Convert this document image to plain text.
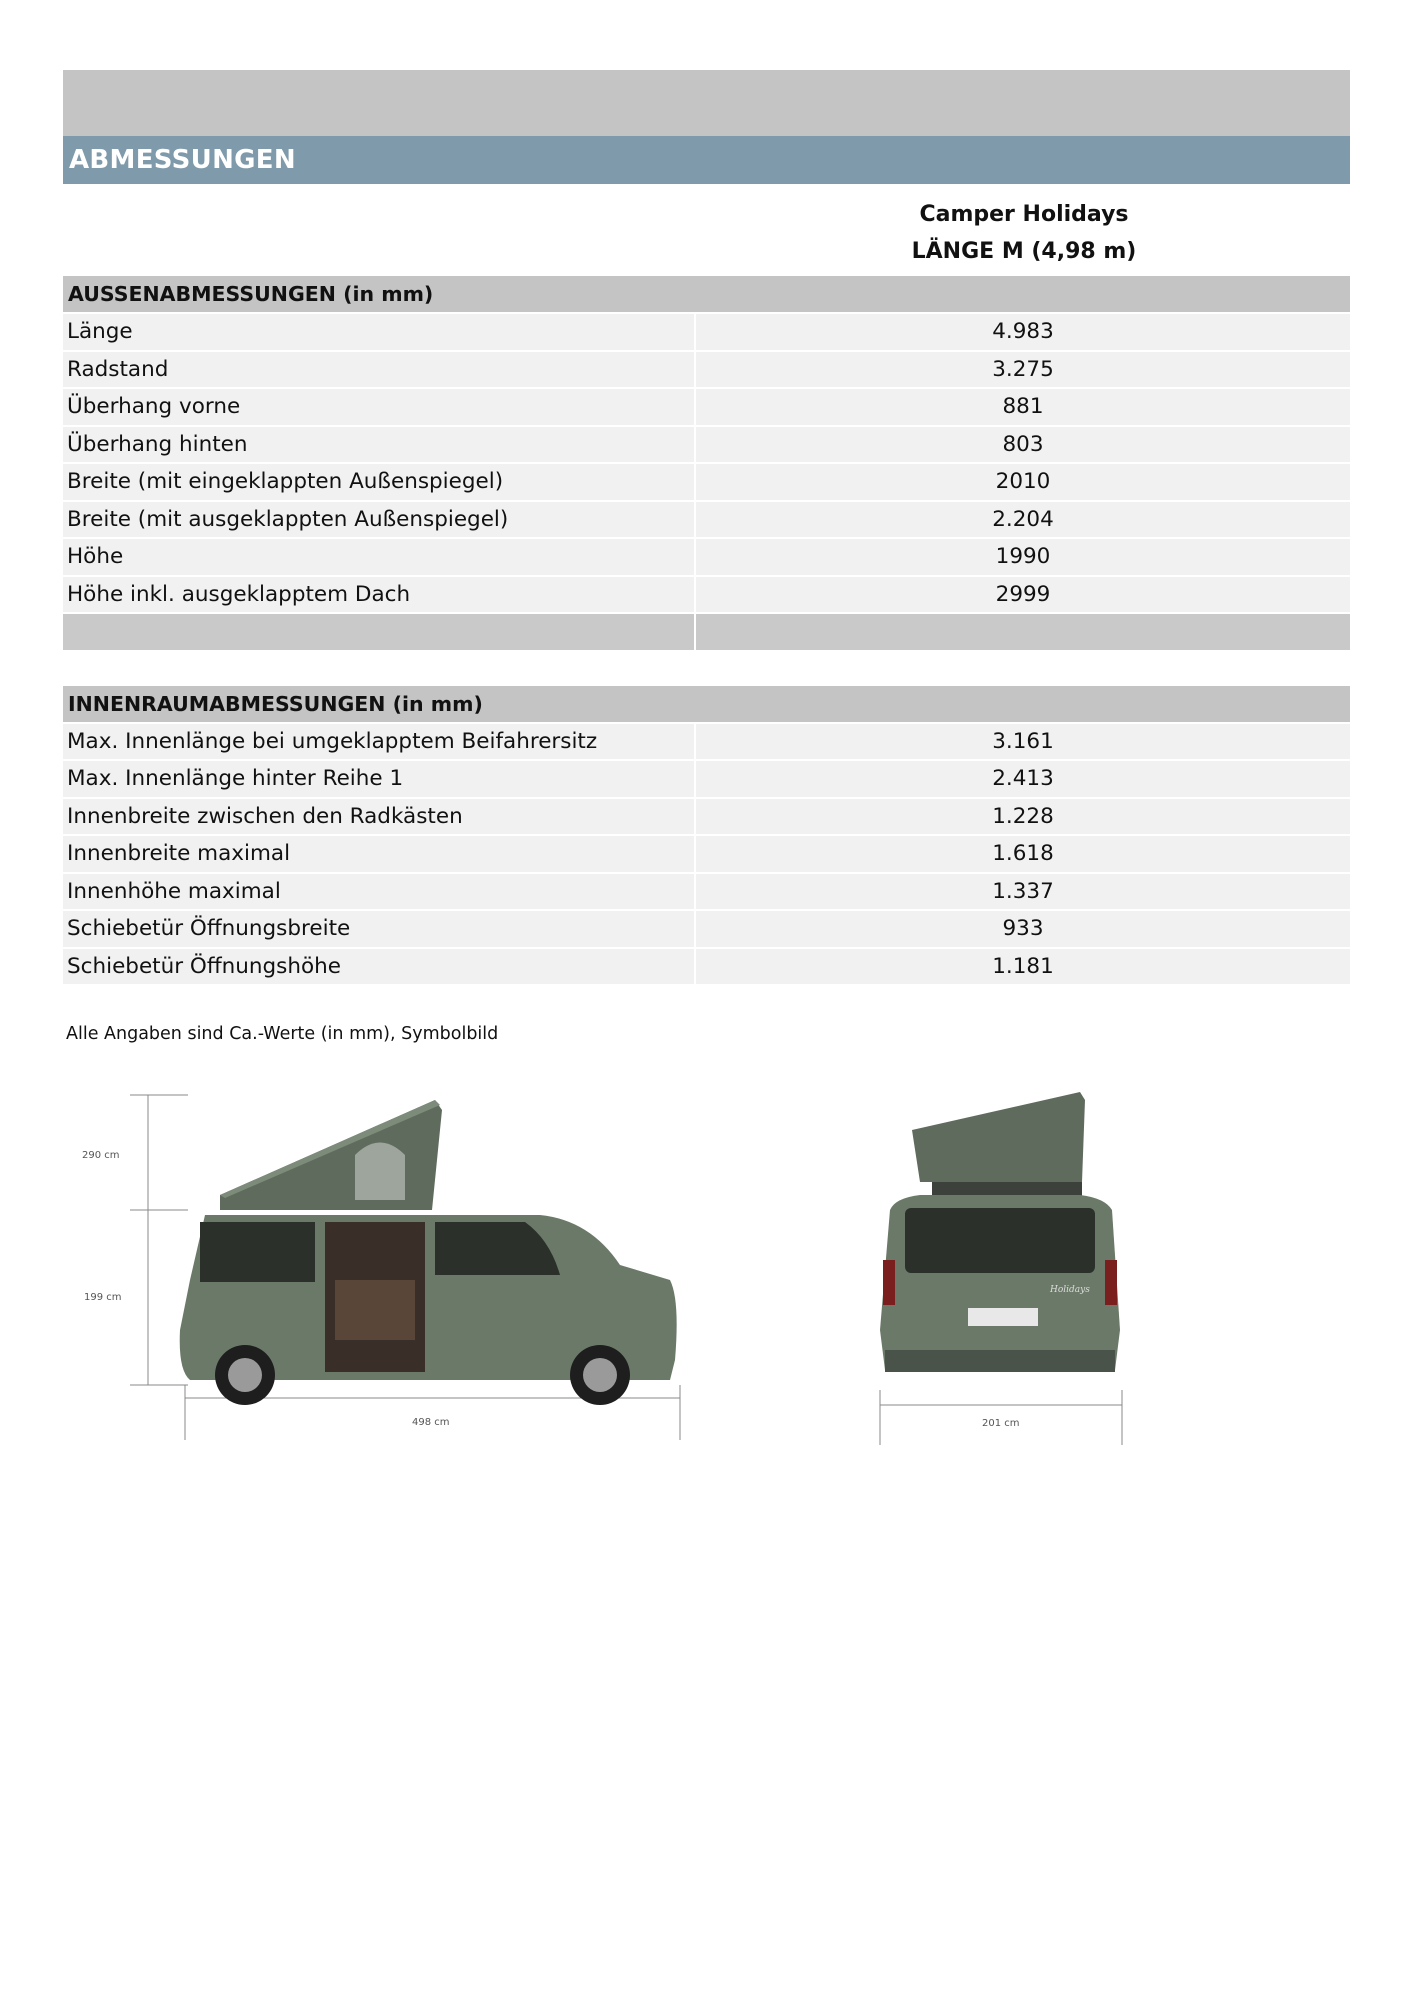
ABMESSUNGEN
Camper Holidays
LÄNGE M (4,98 m)
AUSSENABMESSUNGEN (in mm)
Länge	4.983
Radstand	3.275
Überhang vorne	881
Überhang hinten	803
Breite (mit eingeklappten Außenspiegel)	2010
Breite (mit ausgeklappten Außenspiegel)	2.204
Höhe	1990
Höhe inkl. ausgeklapptem Dach	2999
INNENRAUMABMESSUNGEN (in mm)
Max. Innenlänge bei umgeklapptem Beifahrersitz	3.161
Max. Innenlänge hinter Reihe 1	2.413
Innenbreite zwischen den Radkästen	1.228
Innenbreite maximal	1.618
Innenhöhe maximal	1.337
Schiebetür Öffnungsbreite	933
Schiebetür Öffnungshöhe	1.181
Alle Angaben sind Ca.-Werte (in mm), Symbolbild
290 cm
199 cm
498 cm
Holidays
201 cm
